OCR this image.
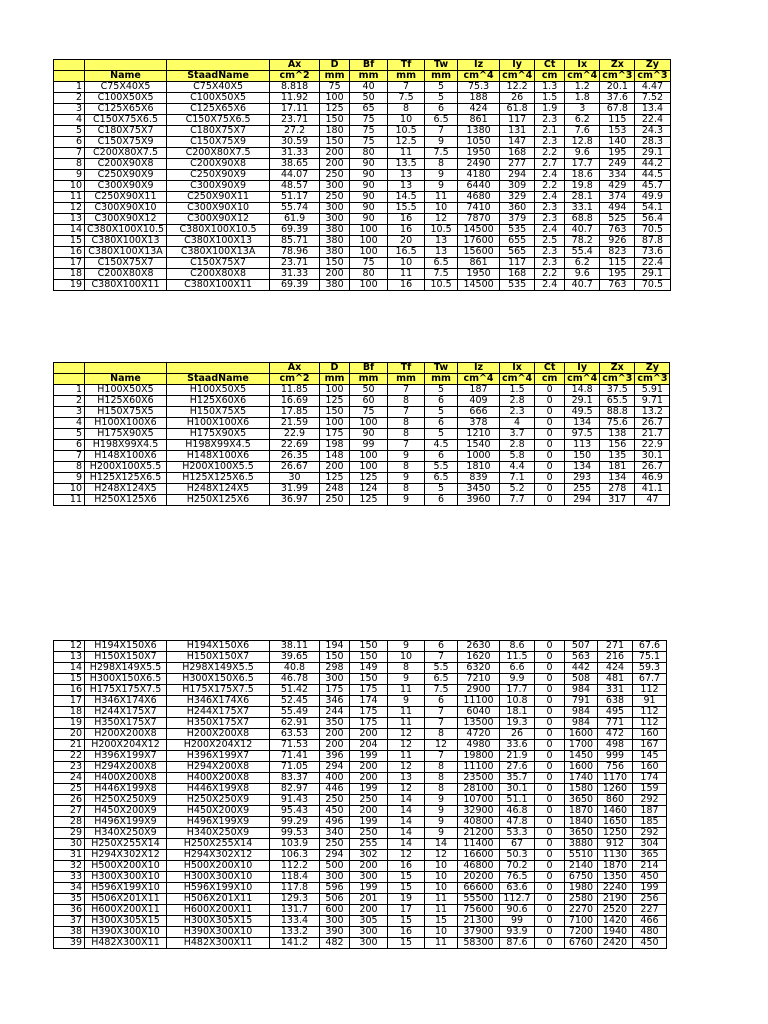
			Ax	D	Bf	Tf	Tw	Iz	Iy	Ct	Ix	Zx	Zy
	Name	StaadName	cm^2	mm	mm	mm	mm	cm^4	cm^4	cm	cm^4	cm^3	cm^3
1	C75X40X5	C75X40X5	8.818	75	40	7	5	75.3	12.2	1.3	1.2	20.1	4.47
2	C100X50X5	C100X50X5	11.92	100	50	7.5	5	188	26	1.5	1.8	37.6	7.52
3	C125X65X6	C125X65X6	17.11	125	65	8	6	424	61.8	1.9	3	67.8	13.4
4	C150X75X6.5	C150X75X6.5	23.71	150	75	10	6.5	861	117	2.3	6.2	115	22.4
5	C180X75X7	C180X75X7	27.2	180	75	10.5	7	1380	131	2.1	7.6	153	24.3
6	C150X75X9	C150X75X9	30.59	150	75	12.5	9	1050	147	2.3	12.8	140	28.3
7	C200X80X7.5	C200X80X7.5	31.33	200	80	11	7.5	1950	168	2.2	9.6	195	29.1
8	C200X90X8	C200X90X8	38.65	200	90	13.5	8	2490	277	2.7	17.7	249	44.2
9	C250X90X9	C250X90X9	44.07	250	90	13	9	4180	294	2.4	18.6	334	44.5
10	C300X90X9	C300X90X9	48.57	300	90	13	9	6440	309	2.2	19.8	429	45.7
11	C250X90X11	C250X90X11	51.17	250	90	14.5	11	4680	329	2.4	28.1	374	49.9
12	C300X90X10	C300X90X10	55.74	300	90	15.5	10	7410	360	2.3	33.1	494	54.1
13	C300X90X12	C300X90X12	61.9	300	90	16	12	7870	379	2.3	68.8	525	56.4
14	C380X100X10.5	C380X100X10.5	69.39	380	100	16	10.5	14500	535	2.4	40.7	763	70.5
15	C380X100X13	C380X100X13	85.71	380	100	20	13	17600	655	2.5	78.2	926	87.8
16	C380X100X13A	C380X100X13A	78.96	380	100	16.5	13	15600	565	2.3	55.4	823	73.6
17	C150X75X7	C150X75X7	23.71	150	75	10	6.5	861	117	2.3	6.2	115	22.4
18	C200X80X8	C200X80X8	31.33	200	80	11	7.5	1950	168	2.2	9.6	195	29.1
19	C380X100X11	C380X100X11	69.39	380	100	16	10.5	14500	535	2.4	40.7	763	70.5
			Ax	D	Bf	Tf	Tw	Iz	Ix	Ct	Iy	Zx	Zy
	Name	StaadName	cm^2	mm	mm	mm	mm	cm^4	cm^4	cm	cm^4	cm^3	cm^3
1	H100X50X5	H100X50X5	11.85	100	50	7	5	187	1.5	0	14.8	37.5	5.91
2	H125X60X6	H125X60X6	16.69	125	60	8	6	409	2.8	0	29.1	65.5	9.71
3	H150X75X5	H150X75X5	17.85	150	75	7	5	666	2.3	0	49.5	88.8	13.2
4	H100X100X6	H100X100X6	21.59	100	100	8	6	378	4	0	134	75.6	26.7
5	H175X90X5	H175X90X5	22.9	175	90	8	5	1210	3.7	0	97.5	138	21.7
6	H198X99X4.5	H198X99X4.5	22.69	198	99	7	4.5	1540	2.8	0	113	156	22.9
7	H148X100X6	H148X100X6	26.35	148	100	9	6	1000	5.8	0	150	135	30.1
8	H200X100X5.5	H200X100X5.5	26.67	200	100	8	5.5	1810	4.4	0	134	181	26.7
9	H125X125X6.5	H125X125X6.5	30	125	125	9	6.5	839	7.1	0	293	134	46.9
10	H248X124X5	H248X124X5	31.99	248	124	8	5	3450	5.2	0	255	278	41.1
11	H250X125X6	H250X125X6	36.97	250	125	9	6	3960	7.7	0	294	317	47
12	H194X150X6	H194X150X6	38.11	194	150	9	6	2630	8.6	0	507	271	67.6
13	H150X150X7	H150X150X7	39.65	150	150	10	7	1620	11.5	0	563	216	75.1
14	H298X149X5.5	H298X149X5.5	40.8	298	149	8	5.5	6320	6.6	0	442	424	59.3
15	H300X150X6.5	H300X150X6.5	46.78	300	150	9	6.5	7210	9.9	0	508	481	67.7
16	H175X175X7.5	H175X175X7.5	51.42	175	175	11	7.5	2900	17.7	0	984	331	112
17	H346X174X6	H346X174X6	52.45	346	174	9	6	11100	10.8	0	791	638	91
18	H244X175X7	H244X175X7	55.49	244	175	11	7	6040	18.1	0	984	495	112
19	H350X175X7	H350X175X7	62.91	350	175	11	7	13500	19.3	0	984	771	112
20	H200X200X8	H200X200X8	63.53	200	200	12	8	4720	26	0	1600	472	160
21	H200X204X12	H200X204X12	71.53	200	204	12	12	4980	33.6	0	1700	498	167
22	H396X199X7	H396X199X7	71.41	396	199	11	7	19800	21.9	0	1450	999	145
23	H294X200X8	H294X200X8	71.05	294	200	12	8	11100	27.6	0	1600	756	160
24	H400X200X8	H400X200X8	83.37	400	200	13	8	23500	35.7	0	1740	1170	174
25	H446X199X8	H446X199X8	82.97	446	199	12	8	28100	30.1	0	1580	1260	159
26	H250X250X9	H250X250X9	91.43	250	250	14	9	10700	51.1	0	3650	860	292
27	H450X200X9	H450X200X9	95.43	450	200	14	9	32900	46.8	0	1870	1460	187
28	H496X199X9	H496X199X9	99.29	496	199	14	9	40800	47.8	0	1840	1650	185
29	H340X250X9	H340X250X9	99.53	340	250	14	9	21200	53.3	0	3650	1250	292
30	H250X255X14	H250X255X14	103.9	250	255	14	14	11400	67	0	3880	912	304
31	H294X302X12	H294X302X12	106.3	294	302	12	12	16600	50.3	0	5510	1130	365
32	H500X200X10	H500X200X10	112.2	500	200	16	10	46800	70.2	0	2140	1870	214
33	H300X300X10	H300X300X10	118.4	300	300	15	10	20200	76.5	0	6750	1350	450
34	H596X199X10	H596X199X10	117.8	596	199	15	10	66600	63.6	0	1980	2240	199
35	H506X201X11	H506X201X11	129.3	506	201	19	11	55500	112.7	0	2580	2190	256
36	H600X200X11	H600X200X11	131.7	600	200	17	11	75600	90.6	0	2270	2520	227
37	H300X305X15	H300X305X15	133.4	300	305	15	15	21300	99	0	7100	1420	466
38	H390X300X10	H390X300X10	133.2	390	300	16	10	37900	93.9	0	7200	1940	480
39	H482X300X11	H482X300X11	141.2	482	300	15	11	58300	87.6	0	6760	2420	450
